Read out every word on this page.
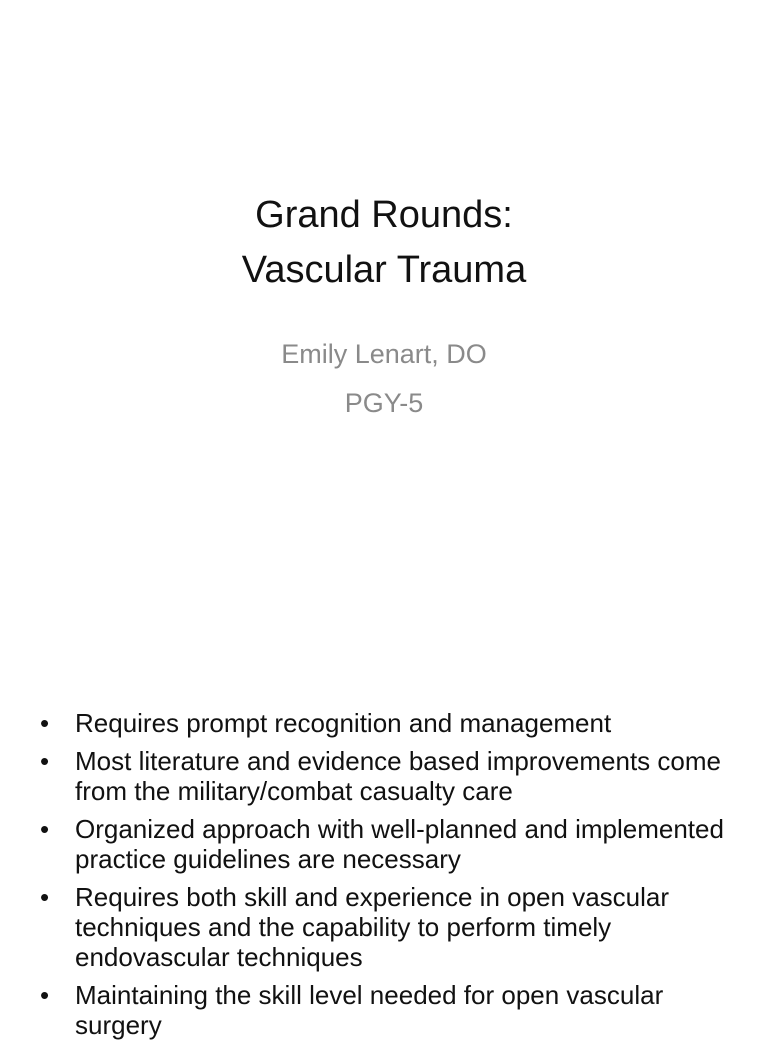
Grand Rounds:
Vascular Trauma
Emily Lenart, DO
PGY-5
• Requires prompt recognition and management
• Most literature and evidence based improvements come from the military/combat casualty care
• Organized approach with well-planned and implemented practice guidelines are necessary
• Requires both skill and experience in open vascular techniques and the capability to perform timely endovascular techniques
• Maintaining the skill level needed for open vascular surgery
